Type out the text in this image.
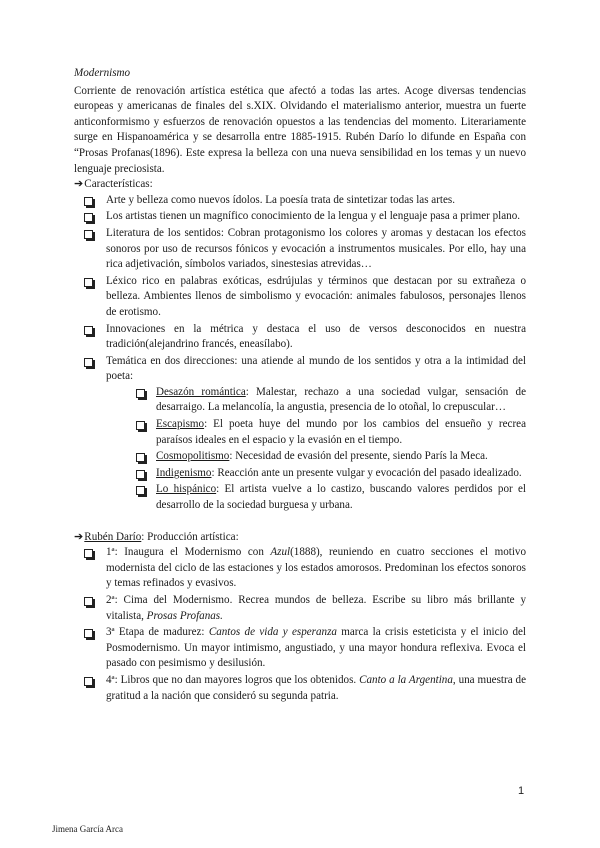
Modernismo

Corriente de renovación artística estética que afectó a todas las artes. Acoge diversas tendencias europeas y americanas de finales del s.XIX. Olvidando el materialismo anterior, muestra un fuerte anticonformismo y esfuerzos de renovación opuestos a las tendencias del momento. Literariamente surge en Hispanoamérica y se desarrolla entre 1885-1915. Rubén Darío lo difunde en España con “Prosas Profanas(1896). Este expresa la belleza con una nueva sensibilidad en los temas y un nuevo lenguaje preciosista.

➔Características:

Arte y belleza como nuevos ídolos. La poesía trata de sintetizar todas las artes.
Los artistas tienen un magnífico conocimiento de la lengua y el lenguaje pasa a primer plano.
Literatura de los sentidos: Cobran protagonismo los colores y aromas y destacan los efectos sonoros por uso de recursos fónicos y evocación a instrumentos musicales. Por ello, hay una rica adjetivación, símbolos variados, sinestesias atrevidas…
Léxico rico en palabras exóticas, esdrújulas y términos que destacan por su extrañeza o belleza. Ambientes llenos de simbolismo y evocación: animales fabulosos, personajes llenos de erotismo.
Innovaciones en la métrica y destaca el uso de versos desconocidos en nuestra tradición(alejandrino francés, eneasílabo).
Temática en dos direcciones: una atiende al mundo de los sentidos y otra a la intimidad del poeta:
Desazón romántica: Malestar, rechazo a una sociedad vulgar, sensación de desarraigo. La melancolía, la angustia, presencia de lo otoñal, lo crepuscular…
Escapismo: El poeta huye del mundo por los cambios del ensueño y recrea paraísos ideales en el espacio y la evasión en el tiempo.
Cosmopolitismo: Necesidad de evasión del presente, siendo París la Meca.
Indigenismo: Reacción ante un presente vulgar y evocación del pasado idealizado.
Lo hispánico: El artista vuelve a lo castizo, buscando valores perdidos por el desarrollo de la sociedad burguesa y urbana.

➔Rubén Darío: Producción artística:

1ª: Inaugura el Modernismo con Azul(1888), reuniendo en cuatro secciones el motivo modernista del ciclo de las estaciones y los estados amorosos. Predominan los efectos sonoros y temas refinados y evasivos.
2ª: Cima del Modernismo. Recrea mundos de belleza. Escribe su libro más brillante y vitalista, Prosas Profanas.
3ª Etapa de madurez: Cantos de vida y esperanza marca la crisis esteticista y el inicio del Posmodernismo. Un mayor intimismo, angustiado, y una mayor hondura reflexiva. Evoca el pasado con pesimismo y desilusión.
4ª: Libros que no dan mayores logros que los obtenidos. Canto a la Argentina, una muestra de gratitud a la nación que consideró su segunda patria.
1
Jimena García Arca
